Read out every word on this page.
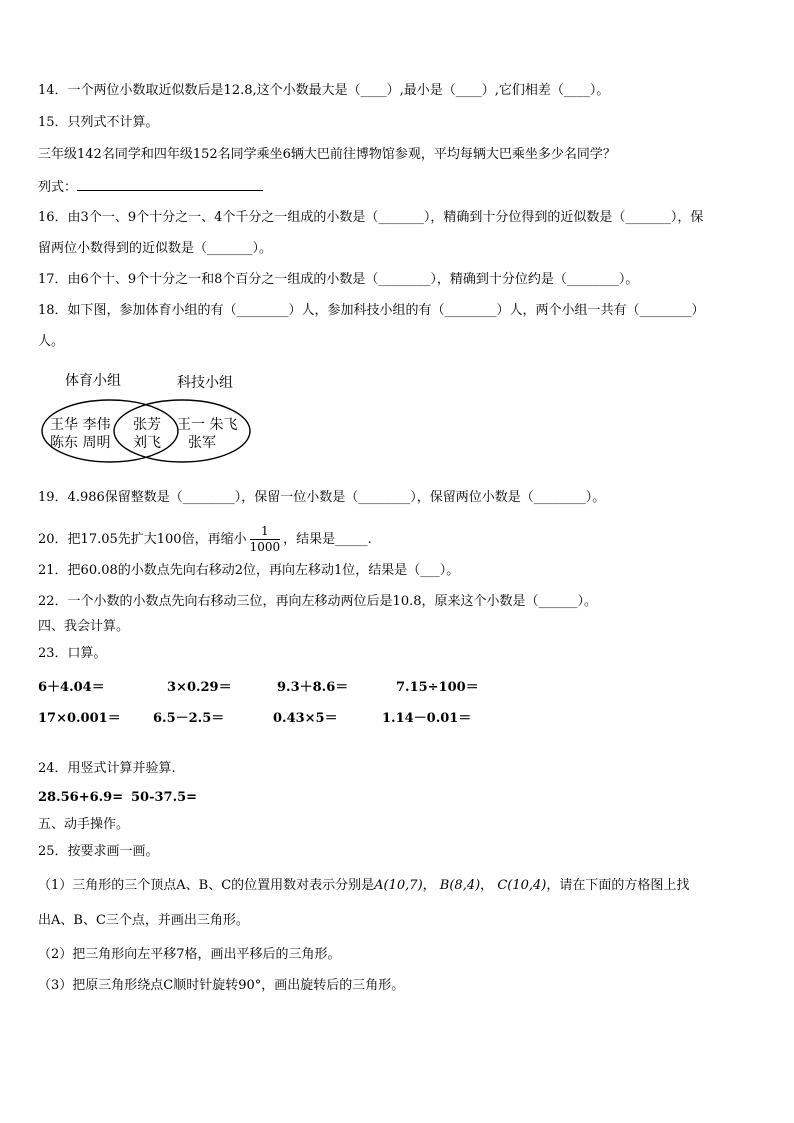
14．一个两位小数取近似数后是12.8,这个小数最大是（____）,最小是（____）,它们相差（____）。
15．只列式不计算。
三年级142名同学和四年级152名同学乘坐6辆大巴前往博物馆参观，平均每辆大巴乘坐多少名同学？
列式：
16．由3个一、9个十分之一、4个千分之一组成的小数是（_______），精确到十分位得到的近似数是（_______），保
留两位小数得到的近似数是（_______）。
17．由6个十、9个十分之一和8个百分之一组成的小数是（________），精确到十分位约是（________）。
18．如下图，参加体育小组的有（________）人，参加科技小组的有（________）人，两个小组一共有（________）
人。
体育小组	科技小组
王华 李伟
陈东 周明
张芳
刘飞
王一 朱飞
张军
19．4.986保留整数是（________），保留一位小数是（________），保留两位小数是（________）。
20．把17.05先扩大100倍，再缩小 $\frac{1}{1000}$ ，结果是_____.
21．把60.08的小数点先向右移动2位，再向左移动1位，结果是（___）。
22．一个小数的小数点先向右移动三位，再向左移动两位后是10.8，原来这个小数是（______）。
四、我会计算。
23．口算。
6＋4.04＝	3×0.29＝	9.3＋8.6＝	7.15÷100＝
17×0.001＝ 6.5－2.5＝	0.43×5＝	1.14－0.01＝
24．用竖式计算并验算.
28.56+6.9= 50-37.5=
五、动手操作。
25．按要求画一画。
（1）三角形的三个顶点A、B、C的位置用数对表示分别是A(10,7)， B(8,4)， C(10,4)，请在下面的方格图上找
出A、B、C三个点，并画出三角形。
（2）把三角形向左平移7格，画出平移后的三角形。
（3）把原三角形绕点C顺时针旋转90°，画出旋转后的三角形。
